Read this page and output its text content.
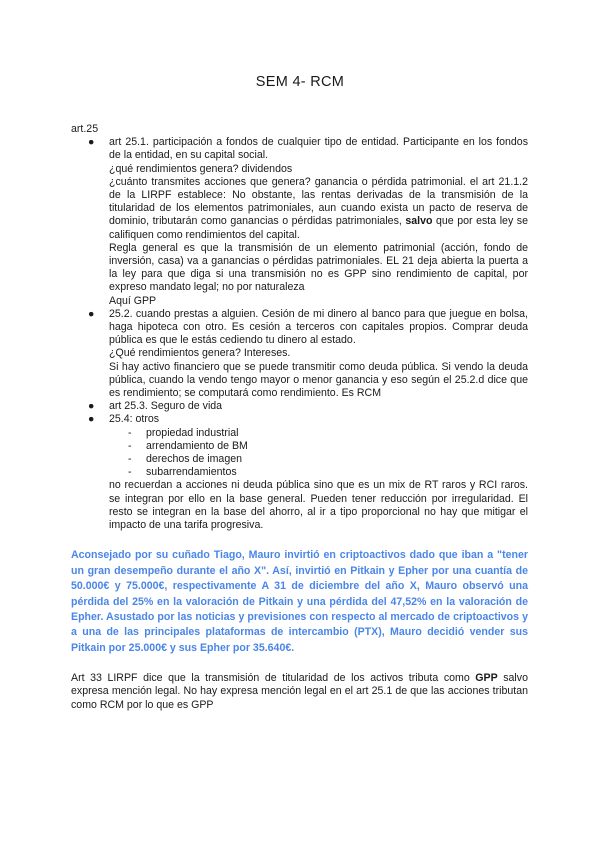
SEM 4- RCM

art.25

● art 25.1. participación a fondos de cualquier tipo de entidad. Participante en los fondos de la entidad, en su capital social.
¿qué rendimientos genera? dividendos
¿cuánto transmites acciones que genera? ganancia o pérdida patrimonial. el art 21.1.2 de la LIRPF establece: No obstante, las rentas derivadas de la transmisión de la titularidad de los elementos patrimoniales, aun cuando exista un pacto de reserva de dominio, tributarán como ganancias o pérdidas patrimoniales, salvo que por esta ley se califiquen como rendimientos del capital.
Regla general es que la transmisión de un elemento patrimonial (acción, fondo de inversión, casa) va a ganancias o pérdidas patrimoniales. EL 21 deja abierta la puerta a la ley para que diga si una transmisión no es GPP sino rendimiento de capital, por expreso mandato legal; no por naturaleza
Aquí GPP
● 25.2. cuando prestas a alguien. Cesión de mi dinero al banco para que juegue en bolsa, haga hipoteca con otro. Es cesión a terceros con capitales propios. Comprar deuda pública es que le estás cediendo tu dinero al estado.
¿Qué rendimientos genera? Intereses.
Si hay activo financiero que se puede transmitir como deuda pública. Si vendo la deuda pública, cuando la vendo tengo mayor o menor ganancia y eso según el 25.2.d dice que es rendimiento; se computará como rendimiento. Es RCM
● art 25.3. Seguro de vida
● 25.4: otros
- propiedad industrial
- arrendamiento de BM
- derechos de imagen
- subarrendamientos
no recuerdan a acciones ni deuda pública sino que es un mix de RT raros y RCI raros. se integran por ello en la base general. Pueden tener reducción por irregularidad. El resto se integran en la base del ahorro, al ir a tipo proporcional no hay que mitigar el impacto de una tarifa progresiva.
Aconsejado por su cuñado Tiago, Mauro invirtió en criptoactivos dado que iban a "tener un gran desempeño durante el año X". Así, invirtió en Pitkain y Epher por una cuantía de 50.000€ y 75.000€, respectivamente A 31 de diciembre del año X, Mauro observó una pérdida del 25% en la valoración de Pitkain y una pérdida del 47,52% en la valoración de Epher. Asustado por las noticias y previsiones con respecto al mercado de criptoactivos y a una de las principales plataformas de intercambio (PTX), Mauro decidió vender sus Pitkain por 25.000€ y sus Epher por 35.640€.
Art 33 LIRPF dice que la transmisión de titularidad de los activos tributa como GPP salvo expresa mención legal. No hay expresa mención legal en el art 25.1 de que las acciones tributan como RCM por lo que es GPP
